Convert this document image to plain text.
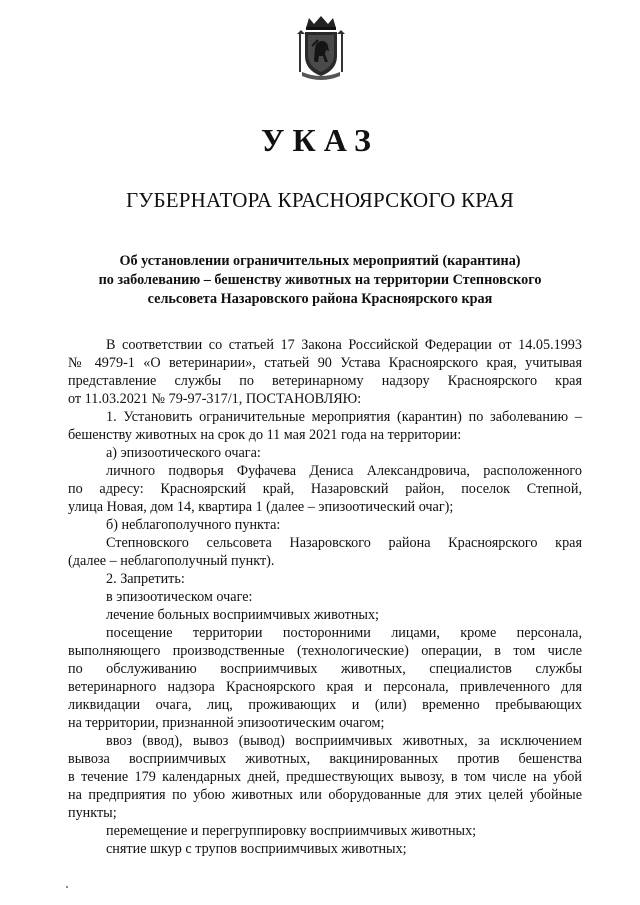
УКАЗ
ГУБЕРНАТОРА КРАСНОЯРСКОГО КРАЯ
Об установлении ограничительных мероприятий (карантина)
по заболеванию – бешенству животных на территории Степновского
сельсовета Назаровского района Красноярского края
В соответствии со статьей 17 Закона Российской Федерации от 14.05.1993
№ 4979-1 «О ветеринарии», статьей 90 Устава Красноярского края, учитывая
представление службы по ветеринарному надзору Красноярского края
от 11.03.2021 № 79-97-317/1, ПОСТАНОВЛЯЮ:
1. Установить ограничительные мероприятия (карантин) по заболеванию –
бешенству животных на срок до 11 мая 2021 года на территории:
а) эпизоотического очага:
личного подворья Фуфачева Дениса Александровича, расположенного
по адресу: Красноярский край, Назаровский район, поселок Степной,
улица Новая, дом 14, квартира 1 (далее – эпизоотический очаг);
б) неблагополучного пункта:
Степновского сельсовета Назаровского района Красноярского края
(далее – неблагополучный пункт).
2. Запретить:
в эпизоотическом очаге:
лечение больных восприимчивых животных;
посещение территории посторонними лицами, кроме персонала,
выполняющего производственные (технологические) операции, в том числе
по обслуживанию восприимчивых животных, специалистов службы
ветеринарного надзора Красноярского края и персонала, привлеченного для
ликвидации очага, лиц, проживающих и (или) временно пребывающих
на территории, признанной эпизоотическим очагом;
ввоз (ввод), вывоз (вывод) восприимчивых животных, за исключением
вывоза восприимчивых животных, вакцинированных против бешенства
в течение 179 календарных дней, предшествующих вывозу, в том числе на убой
на предприятия по убою животных или оборудованные для этих целей убойные
пункты;
перемещение и перегруппировку восприимчивых животных;
снятие шкур с трупов восприимчивых животных;
